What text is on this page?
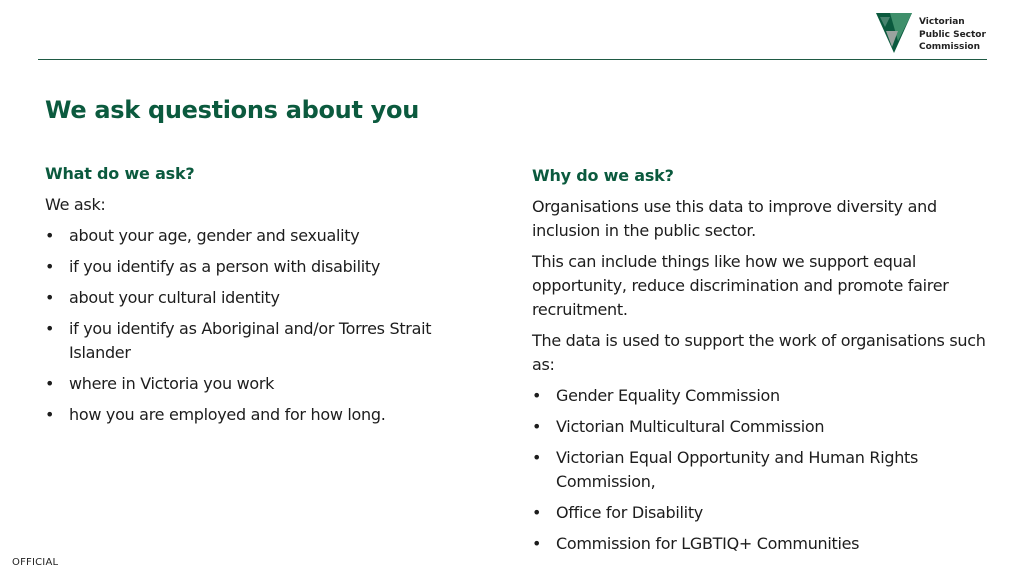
Victorian
Public Sector
Commission
We ask questions about you

What do we ask?

We ask:

• about your age, gender and sexuality
• if you identify as a person with disability
• about your cultural identity
• if you identify as Aboriginal and/or Torres Strait Islander
• where in Victoria you work
• how you are employed and for how long.

Why do we ask?

Organisations use this data to improve diversity and inclusion in the public sector.

This can include things like how we support equal opportunity, reduce discrimination and promote fairer recruitment.

The data is used to support the work of organisations such as:

• Gender Equality Commission
• Victorian Multicultural Commission
• Victorian Equal Opportunity and Human Rights Commission,
• Office for Disability
• Commission for LGBTIQ+ Communities
OFFICIAL
